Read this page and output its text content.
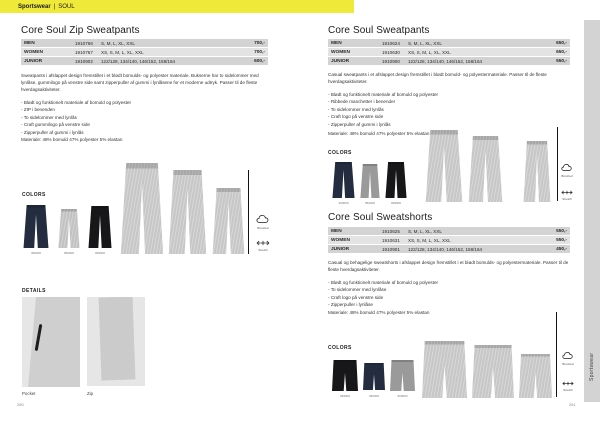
Sportswear | SOUL
Core Soul Zip Sweatpants
MEN	1910766	S, M, L, XL, XXL	700,-
WOMEN	1910767	XS, S, M, L, XL, XXL	700,-
JUNIOR	1910902	122/128, 134/140, 146/152, 158/164	600,-
Sweatpants i afslappet design fremstillet i et blødt bomulds- og polyester materiale. Bukserne har to sidelommer med lynlåse, gummilogo på venstre side samt zipperpuller af gummi i lynlåsene for et moderne udtryk. Passer til de fleste hverdagsaktiviteter.
- Blødt og funktionelt materiale af bomuld og polyester
- ZIP i benenden
- To sidelommer med lynlås
- Craft gummilogo på venstre side
- Zipperpuller af gummi i lynlås
Materiale: 48% bomuld 47% polyester 5% elastan
COLORS
390000	950000	999000
Brushed
Stretch
DETAILS
Pocket	Zip
260
Core Soul Sweatpants
MEN	1910624	S, M, L, XL, XXL	650,-
WOMEN	1910630	XS, S, M, L, XL, XXL	650,-
JUNIOR	1910900	122/128, 134/140, 146/152, 158/164	550,-
Casual sweatpants i et afslappet design fremstillet i blødt bomuld- og polyestermateriale. Passer til de fleste hverdagsaktiviteter.
- Blødt og funktionelt materiale af bomuld og polyester
- Ribbede manchetter i benender
- To sidelommer med lynlås
- Craft logo på venstre side
- Zipperpuller af gummi i lynlås
Materiale: 48% bomuld 47% polyester 5% elastan
COLORS
390000	950000	999000
Brushed
Stretch
Core Soul Sweatshorts
MEN	1910625	S, M, L, XL, XXL	550,-
WOMEN	1910631	XS, S, M, L, XL, XXL	550,-
JUNIOR	1910901	122/128, 134/140, 146/152, 158/164	450,-
Casual og behagelige sweatshorts i afslappet design fremstillet i et blødt bomulds- og polyestermateriale. Passer til de fleste hverdagsaktiviteter.
- Blødt og funktionelt materiale af bomuld og polyester
- To sidelommer med lynlåse
- Craft logo på venstre side
- Zipperpuller i lynlåse
Materiale: 48% bomuld 47% polyester 5% elastan
COLORS
999000	390000	950000
Brushed
Stretch
261
Sportswear
